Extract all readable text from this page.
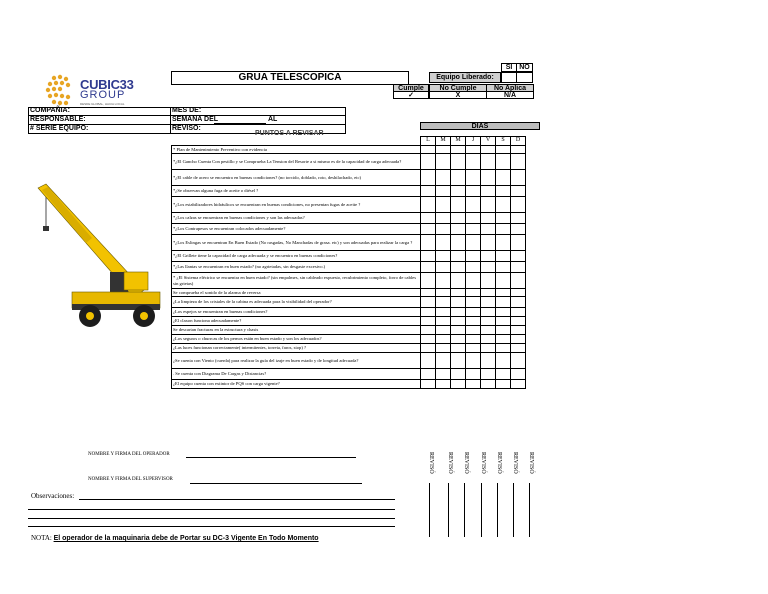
CUBIC33
GROUP
DESDE GLOBAL, HACIA LOCAL
GRUA TELESCOPICA
SI NO
Equipo Liberado:
Cumple	No Cumple	No Aplica
✓	X	N/A
COMPAÑIA:
RESPONSABLE:
# SERIE EQUIPO:
MES DE:
SEMANA DEL	AL
REVISO:
PUNTOS A REVISAR
DIAS
	L	M	M	J	V	S	D
* Plan de Mantenimiento Preventivo con evidencia							
*¿El Gancho Cuenta Con pestillo y se Comprueba La Tension del Resorte a si mismo es de la capacidad de carga adecuada?							
*¿El cable de acero se encuentra en buenas condiciones? (no torcido, doblado, roto, deshilachado, etc)							
*¿Se observan alguna fuga de aceite o diésel ?							
*¿Los estabilizadores hidráulicos se encuentran en buenas condiciones, no presentan fugas de aceite ?							
*¿Los calzas se encuentran en buenas condiciones y son las adecuadas?							
*¿Los Contrapesos se encuentran colocados adecuadamente?							
*¿Los Eslingas se encuentran En Buen Estado (No rasgadas, No Manchadas de grasa. etc) y son adecuadas para realizar la carga ?							
*¿El Grillete tiene la capacidad de carga adecuada y se encuentra en buenas condiciones?							
*¿Las llantas se encuentran en buen estado? (no agrietadas, sin desgaste excesivo.)							
* ¿El Sistema eléctrico se encuentra en buen estado? (sin empalmes, sin cableado expuesto, recubrimiento completo, forro de cables sin grietas)							
Se comprueba el sonido de la alarma de reversa							
¿La limpieza de los cristales de la cabina es adecuada para la visibilidad del operador?							
¿Los espejos se encuentran en buenas condiciones?							
¿El claxon funciona adecuadamente?							
Se descartan fracturas en la estructura y chasis							
¿Los seguros o churrcas de los pernos están en buen estado y son los adecuados?							
¿Las luces funcionan correctamente( intermitentes, torreta, faros, stop) ?							
¿Se cuenta con Viento (cuerda) para realizar la guía del izaje en buen estado y de longitud adecuada?							
. Se cuenta con Diagrama De Cargas y Distancias?							
¿El equipo cuenta con extintor de PQS con carga vigente?							
NOMBRE Y FIRMA DEL OPERADOR
NOMBRE Y FIRMA DEL SUPERVISOR
Observaciones:
REVISÓ REVISÓ REVISÓ REVISÓ REVISÓ REVISÓ REVISÓ
NOTA: El operador de la maquinaria debe de Portar su DC-3 Vigente En Todo Momento
